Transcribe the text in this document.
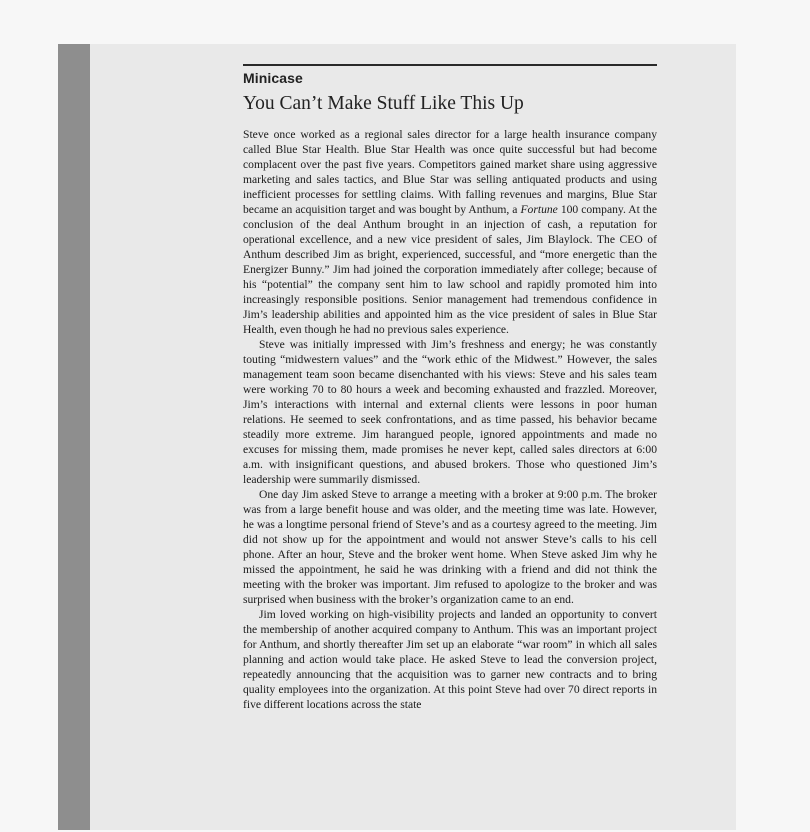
Minicase
You Can’t Make Stuff Like This Up

Steve once worked as a regional sales director for a large health insurance company called Blue Star Health. Blue Star Health was once quite successful but had become complacent over the past five years. Competitors gained market share using aggressive marketing and sales tactics, and Blue Star was selling antiquated products and using inefficient processes for settling claims. With falling revenues and margins, Blue Star became an acquisition target and was bought by Anthum, a Fortune 100 company. At the conclusion of the deal Anthum brought in an injection of cash, a reputation for operational excellence, and a new vice president of sales, Jim Blaylock. The CEO of Anthum described Jim as bright, experienced, successful, and “more energetic than the Energizer Bunny.” Jim had joined the corporation immediately after college; because of his “potential” the company sent him to law school and rapidly promoted him into increasingly responsible positions. Senior management had tremendous confidence in Jim’s leadership abilities and appointed him as the vice president of sales in Blue Star Health, even though he had no previous sales experience.

Steve was initially impressed with Jim’s freshness and energy; he was constantly touting “midwestern values” and the “work ethic of the Midwest.” However, the sales management team soon became disenchanted with his views: Steve and his sales team were working 70 to 80 hours a week and becoming exhausted and frazzled. Moreover, Jim’s interactions with internal and external clients were lessons in poor human relations. He seemed to seek confrontations, and as time passed, his behavior became steadily more extreme. Jim harangued people, ignored appointments and made no excuses for missing them, made promises he never kept, called sales directors at 6:00 a.m. with insignificant questions, and abused brokers. Those who questioned Jim’s leadership were summarily dismissed.

One day Jim asked Steve to arrange a meeting with a broker at 9:00 p.m. The broker was from a large benefit house and was older, and the meeting time was late. However, he was a longtime personal friend of Steve’s and as a courtesy agreed to the meeting. Jim did not show up for the appointment and would not answer Steve’s calls to his cell phone. After an hour, Steve and the broker went home. When Steve asked Jim why he missed the appointment, he said he was drinking with a friend and did not think the meeting with the broker was important. Jim refused to apologize to the broker and was surprised when business with the broker’s organization came to an end.

Jim loved working on high-visibility projects and landed an opportunity to convert the membership of another acquired company to Anthum. This was an important project for Anthum, and shortly thereafter Jim set up an elaborate “war room” in which all sales planning and action would take place. He asked Steve to lead the conversion project, repeatedly announcing that the acquisition was to garner new contracts and to bring quality employees into the organization. At this point Steve had over 70 direct reports in five different locations across the state
